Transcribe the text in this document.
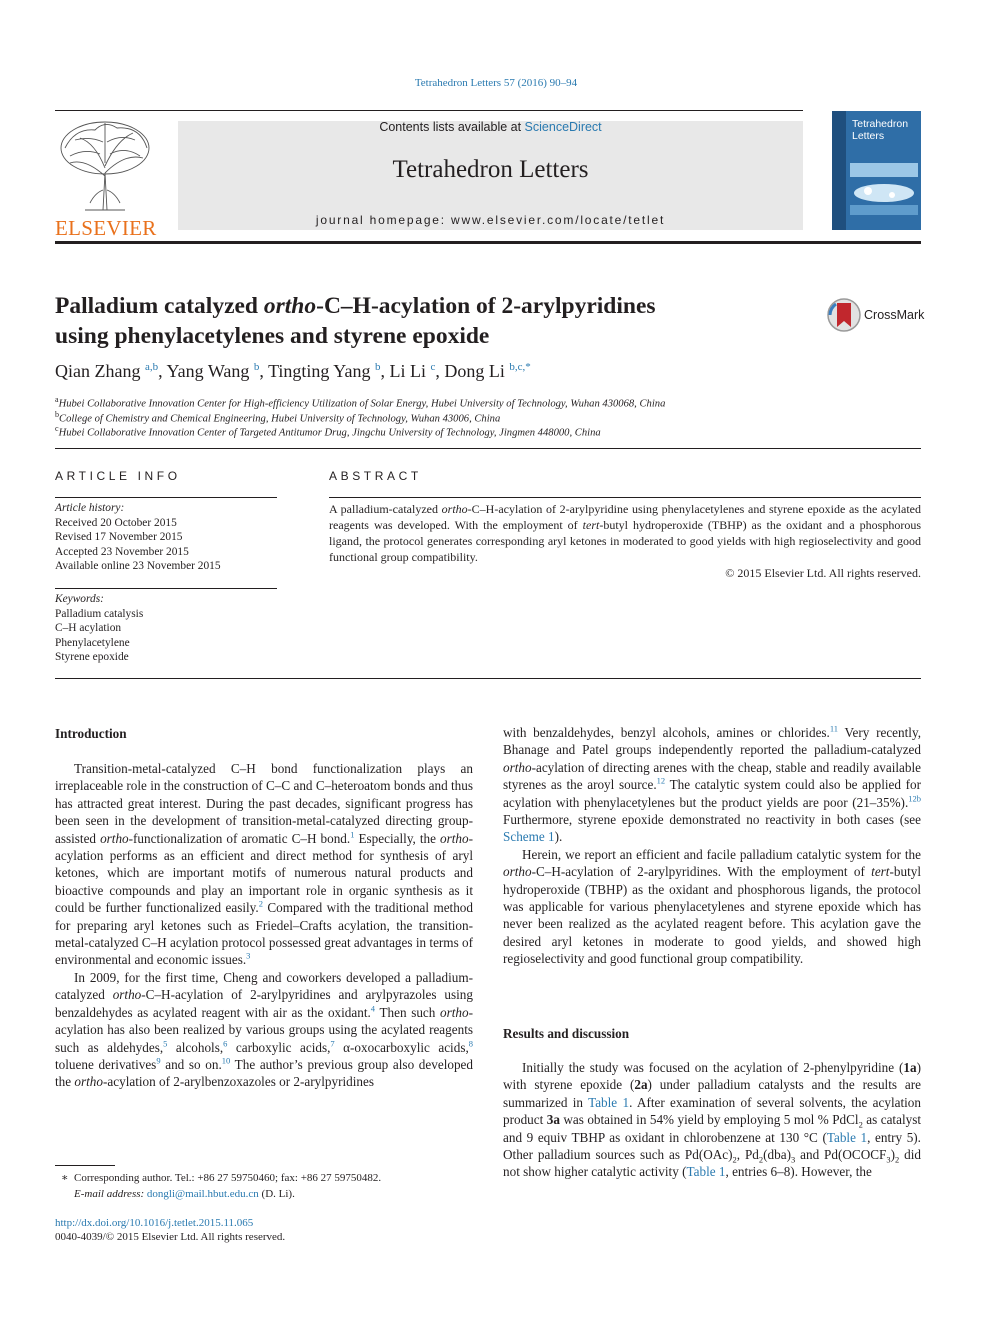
Tetrahedron Letters 57 (2016) 90–94
ELSEVIER
Contents lists available at ScienceDirect
Tetrahedron Letters
journal homepage: www.elsevier.com/locate/tetlet
Tetrahedron Letters
Palladium catalyzed ortho-C–H-acylation of 2-arylpyridines
using phenylacetylenes and styrene epoxide
CrossMark
Qian Zhang $^{a,b}$, Yang Wang $^b$, Tingting Yang $^b$, Li Li $^c$, Dong Li $^{b,c,*}$
$^a$Hubei Collaborative Innovation Center for High-efficiency Utilization of Solar Energy, Hubei University of Technology, Wuhan 430068, China
$^b$College of Chemistry and Chemical Engineering, Hubei University of Technology, Wuhan 43006, China
$^c$Hubei Collaborative Innovation Center of Targeted Antitumor Drug, Jingchu University of Technology, Jingmen 448000, China
ARTICLE INFO
Article history:
Received 20 October 2015
Revised 17 November 2015
Accepted 23 November 2015
Available online 23 November 2015
Keywords:
Palladium catalysis
C–H acylation
Phenylacetylene
Styrene epoxide
ABSTRACT
A palladium-catalyzed ortho-C–H-acylation of 2-arylpyridine using phenylacetylenes and styrene epoxide as the acylated reagents was developed. With the employment of tert-butyl hydroperoxide (TBHP) as the oxidant and a phosphorous ligand, the protocol generates corresponding aryl ketones in moderated to good yields with high regioselectivity and good functional group compatibility.
© 2015 Elsevier Ltd. All rights reserved.
Introduction

Transition-metal-catalyzed C–H bond functionalization plays an irreplaceable role in the construction of C–C and C–heteroatom bonds and thus has attracted great interest. During the past decades, significant progress has been seen in the development of transition-metal-catalyzed directing group-assisted ortho-functionalization of aromatic C–H bond.$^1$ Especially, the ortho-acylation performs as an efficient and direct method for synthesis of aryl ketones, which are important motifs of numerous natural products and bioactive compounds and play an important role in organic synthesis as it could be further functionalized easily.$^2$ Compared with the traditional method for preparing aryl ketones such as Friedel–Crafts acylation, the transition-metal-catalyzed C–H acylation protocol possessed great advantages in terms of environmental and economic issues.$^3$

In 2009, for the first time, Cheng and coworkers developed a palladium-catalyzed ortho-C–H-acylation of 2-arylpyridines and arylpyrazoles using benzaldehydes as acylated reagent with air as the oxidant.$^4$ Then such ortho-acylation has also been realized by various groups using the acylated reagents such as aldehydes,$^5$ alcohols,$^6$ carboxylic acids,$^7$ α-oxocarboxylic acids,$^8$ toluene derivatives$^9$ and so on.$^{10}$ The author’s previous group also developed the ortho-acylation of 2-arylbenzoxazoles or 2-arylpyridines

∗  Corresponding author. Tel.: +86 27 59750460; fax: +86 27 59750482.
E-mail address: dongli@mail.hbut.edu.cn (D. Li).
http://dx.doi.org/10.1016/j.tetlet.2015.11.065
0040-4039/© 2015 Elsevier Ltd. All rights reserved.

with benzaldehydes, benzyl alcohols, amines or chlorides.$^{11}$ Very recently, Bhanage and Patel groups independently reported the palladium-catalyzed ortho-acylation of directing arenes with the cheap, stable and readily available styrenes as the aroyl source.$^{12}$ The catalytic system could also be applied for acylation with phenylacetylenes but the product yields are poor (21–35%).$^{12b}$ Furthermore, styrene epoxide demonstrated no reactivity in both cases (see Scheme 1).

Herein, we report an efficient and facile palladium catalytic system for the ortho-C–H-acylation of 2-arylpyridines. With the employment of tert-butyl hydroperoxide (TBHP) as the oxidant and phosphorous ligands, the protocol was applicable for various phenylacetylenes and styrene epoxide which has never been realized as the acylated reagent before. This acylation gave the desired aryl ketones in moderate to good yields, and showed high regioselectivity and good functional group compatibility.

Results and discussion

Initially the study was focused on the acylation of 2-phenylpyridine (1a) with styrene epoxide (2a) under palladium catalysts and the results are summarized in Table 1. After examination of several solvents, the acylation product 3a was obtained in 54% yield by employing 5 mol % PdCl$_2$ as catalyst and 9 equiv TBHP as oxidant in chlorobenzene at 130 °C (Table 1, entry 5). Other palladium sources such as $Pd(OAc)_2$, $Pd_2(dba)_3$ and $Pd(OCOCF_3)_2$ did not show higher catalytic activity (Table 1, entries 6–8). However, the
